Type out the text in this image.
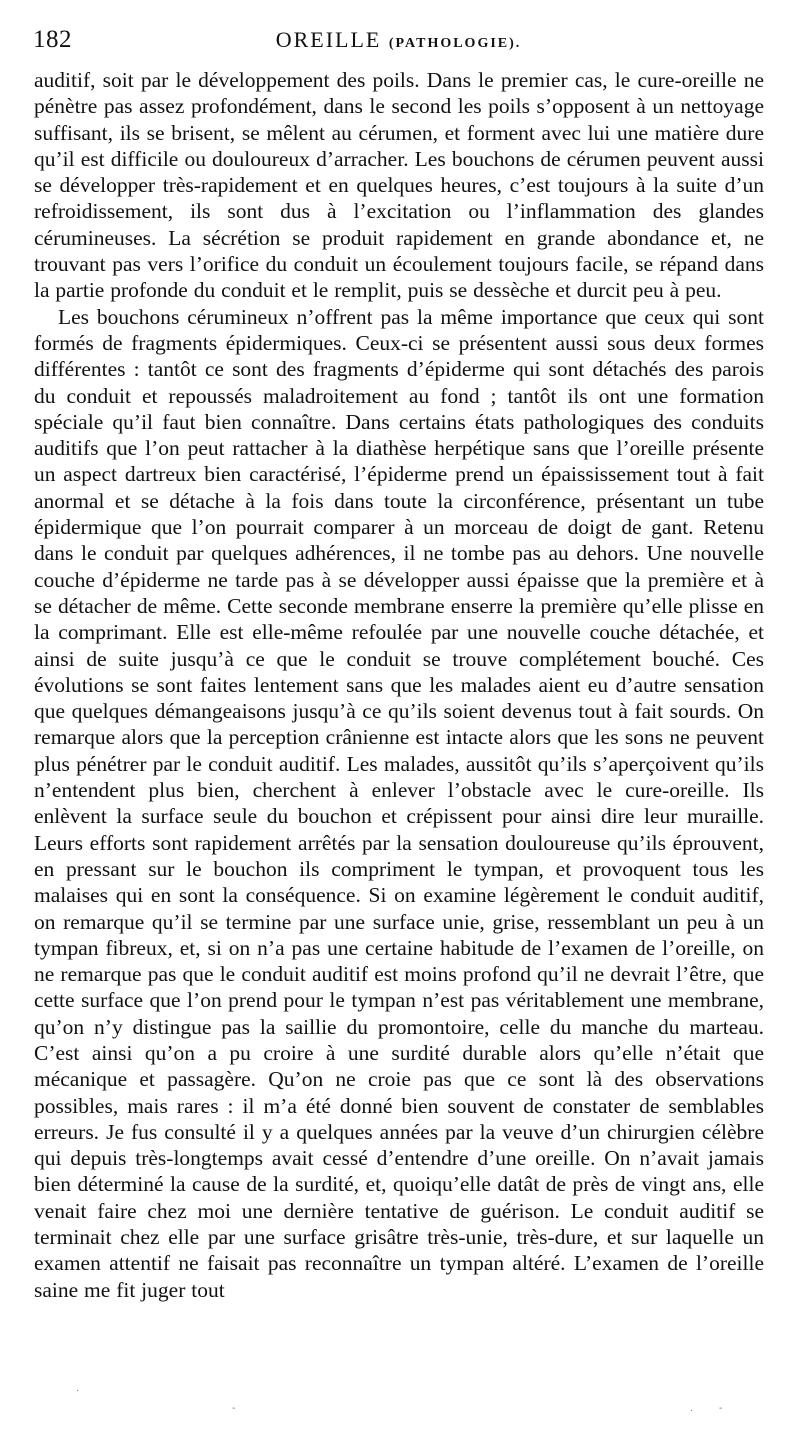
182	OREILLE (PATHOLOGIE).

auditif, soit par le développement des poils. Dans le premier cas, le cure-oreille ne pénètre pas assez profondément, dans le second les poils s’opposent à un nettoyage suffisant, ils se brisent, se mêlent au cérumen, et forment avec lui une matière dure qu’il est difficile ou douloureux d’arracher. Les bouchons de cérumen peuvent aussi se développer très-rapidement et en quelques heures, c’est toujours à la suite d’un refroidissement, ils sont dus à l’excitation ou l’inflammation des glandes cérumineuses. La sécrétion se produit rapidement en grande abondance et, ne trouvant pas vers l’orifice du conduit un écoulement toujours facile, se répand dans la partie profonde du conduit et le remplit, puis se dessèche et durcit peu à peu.

Les bouchons cérumineux n’offrent pas la même importance que ceux qui sont formés de fragments épidermiques. Ceux-ci se présentent aussi sous deux formes différentes : tantôt ce sont des fragments d’épiderme qui sont détachés des parois du conduit et repoussés maladroitement au fond ; tantôt ils ont une formation spéciale qu’il faut bien connaître. Dans certains états pathologiques des conduits auditifs que l’on peut rattacher à la diathèse herpétique sans que l’oreille présente un aspect dartreux bien caractérisé, l’épiderme prend un épaississement tout à fait anormal et se détache à la fois dans toute la circonférence, présentant un tube épidermique que l’on pourrait comparer à un morceau de doigt de gant. Retenu dans le conduit par quelques adhérences, il ne tombe pas au dehors. Une nouvelle couche d’épiderme ne tarde pas à se développer aussi épaisse que la première et à se détacher de même. Cette seconde membrane enserre la première qu’elle plisse en la comprimant. Elle est elle-même refoulée par une nouvelle couche détachée, et ainsi de suite jusqu’à ce que le conduit se trouve complétement bouché. Ces évolutions se sont faites lentement sans que les malades aient eu d’autre sensation que quelques démangeaisons jusqu’à ce qu’ils soient devenus tout à fait sourds. On remarque alors que la perception crânienne est intacte alors que les sons ne peuvent plus pénétrer par le conduit auditif. Les malades, aussitôt qu’ils s’aperçoivent qu’ils n’entendent plus bien, cherchent à enlever l’obstacle avec le cure-oreille. Ils enlèvent la surface seule du bouchon et crépissent pour ainsi dire leur muraille. Leurs efforts sont rapidement arrêtés par la sensation douloureuse qu’ils éprouvent, en pressant sur le bouchon ils compriment le tympan, et provoquent tous les malaises qui en sont la conséquence. Si on examine légèrement le conduit auditif, on remarque qu’il se termine par une surface unie, grise, ressemblant un peu à un tympan fibreux, et, si on n’a pas une certaine habitude de l’examen de l’oreille, on ne remarque pas que le conduit auditif est moins profond qu’il ne devrait l’être, que cette surface que l’on prend pour le tympan n’est pas véritablement une membrane, qu’on n’y distingue pas la saillie du promontoire, celle du manche du marteau. C’est ainsi qu’on a pu croire à une surdité durable alors qu’elle n’était que mécanique et passagère. Qu’on ne croie pas que ce sont là des observations possibles, mais rares : il m’a été donné bien souvent de constater de semblables erreurs. Je fus consulté il y a quelques années par la veuve d’un chirurgien célèbre qui depuis très-longtemps avait cessé d’entendre d’une oreille. On n’avait jamais bien déterminé la cause de la surdité, et, quoiqu’elle datât de près de vingt ans, elle venait faire chez moi une dernière tentative de guérison. Le conduit auditif se terminait chez elle par une surface grisâtre très-unie, très-dure, et sur laquelle un examen attentif ne faisait pas reconnaître un tympan altéré. L’examen de l’oreille saine me fit juger tout

·
-	.	-
